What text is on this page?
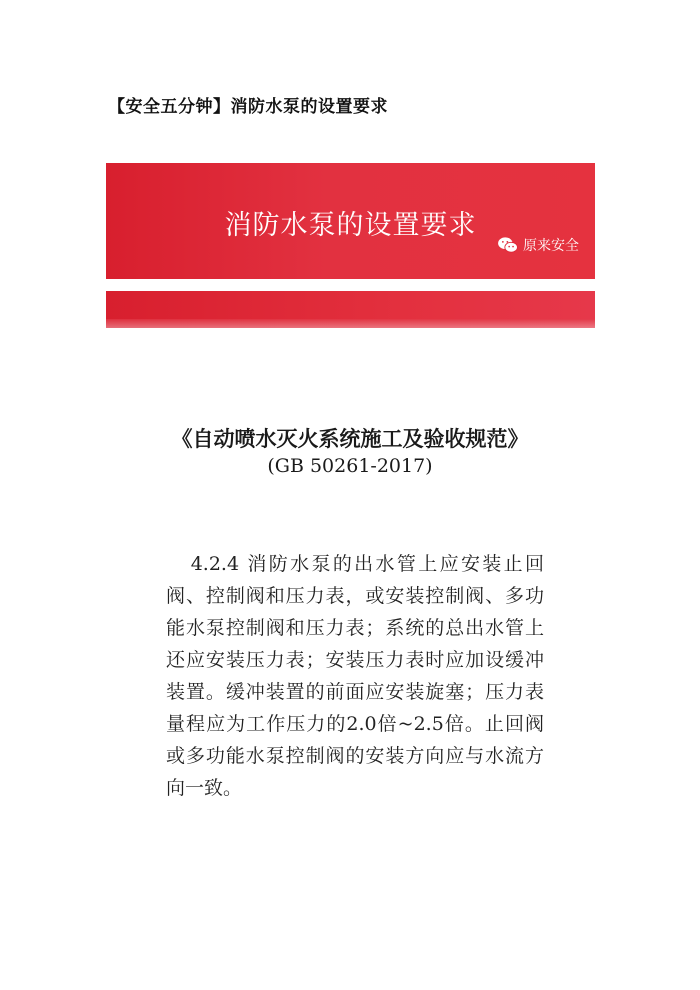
【安全五分钟】消防水泵的设置要求
消防水泵的设置要求
原来安全
《自动喷水灭火系统施工及验收规范》
(GB 50261-2017)
4.2.4 消防水泵的出水管上应安装止回阀、控制阀和压力表，或安装控制阀、多功能水泵控制阀和压力表；系统的总出水管上还应安装压力表；安装压力表时应加设缓冲装置。缓冲装置的前面应安装旋塞；压力表量程应为工作压力的2.0倍~2.5倍。止回阀或多功能水泵控制阀的安装方向应与水流方向一致。
